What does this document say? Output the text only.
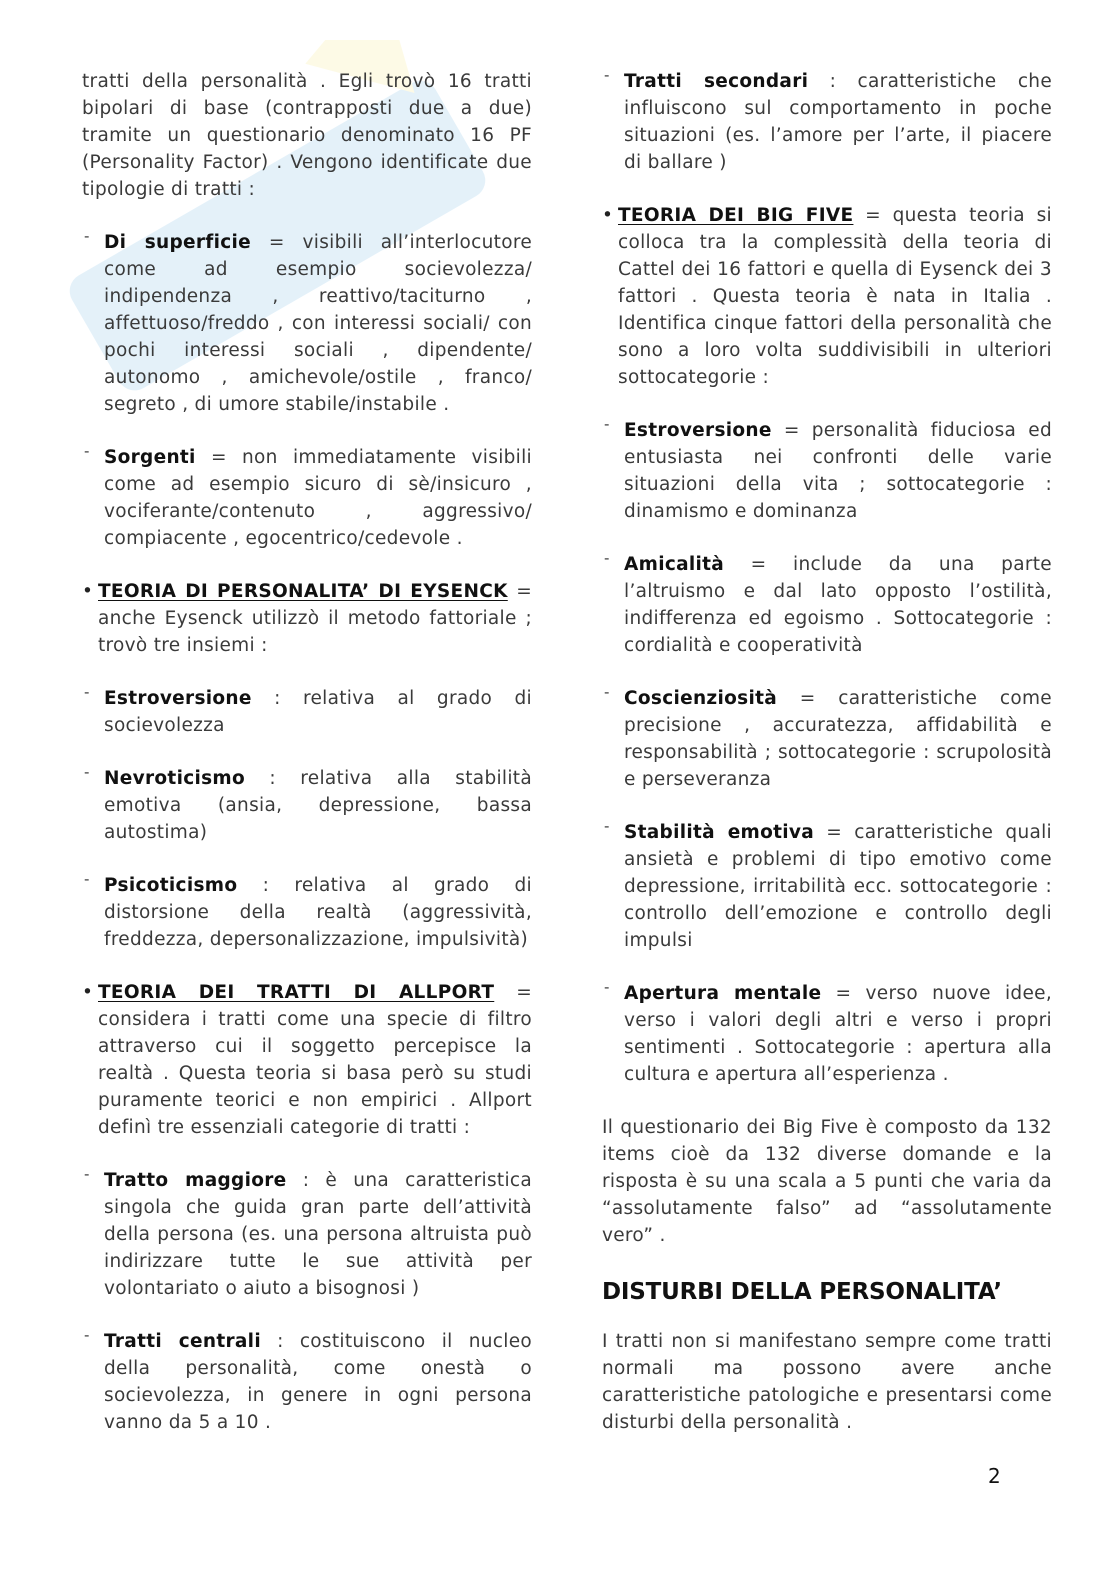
tratti della personalità . Egli trovò 16 tratti bipolari di base (contrapposti due a due) tramite un questionario denominato 16 PF (Personality Factor) . Vengono identificate due tipologie di tratti :

- Di superficie = visibili all’interlocutore come ad esempio socievolezza/ indipendenza , reattivo/taciturno , affettuoso/freddo , con interessi sociali/ con pochi interessi sociali , dipendente/ autonomo , amichevole/ostile , franco/ segreto , di umore stabile/instabile .

- Sorgenti = non immediatamente visibili come ad esempio sicuro di sè/insicuro , vociferante/contenuto , aggressivo/ compiacente , egocentrico/cedevole .

• TEORIA DI PERSONALITA’ DI EYSENCK = anche Eysenck utilizzò il metodo fattoriale ; trovò tre insiemi :

- Estroversione : relativa al grado di socievolezza

- Nevroticismo : relativa alla stabilità emotiva (ansia, depressione, bassa autostima)

- Psicoticismo : relativa al grado di distorsione della realtà (aggressività, freddezza, depersonalizzazione, impulsività)

• TEORIA DEI TRATTI DI ALLPORT = considera i tratti come una specie di filtro attraverso cui il soggetto percepisce la realtà . Questa teoria si basa però su studi puramente teorici e non empirici . Allport definì tre essenziali categorie di tratti :

- Tratto maggiore : è una caratteristica singola che guida gran parte dell’attività della persona (es. una persona altruista può indirizzare tutte le sue attività per volontariato o aiuto a bisognosi )

- Tratti centrali : costituiscono il nucleo della personalità, come onestà o socievolezza, in genere in ogni persona vanno da 5 a 10 .

- Tratti secondari : caratteristiche che influiscono sul comportamento in poche situazioni (es. l’amore per l’arte, il piacere di ballare )

• TEORIA DEI BIG FIVE = questa teoria si colloca tra la complessità della teoria di Cattel dei 16 fattori e quella di Eysenck dei 3 fattori . Questa teoria è nata in Italia . Identifica cinque fattori della personalità che sono a loro volta suddivisibili in ulteriori sottocategorie :

- Estroversione = personalità fiduciosa ed entusiasta nei confronti delle varie situazioni della vita ; sottocategorie : dinamismo e dominanza

- Amicalità = include da una parte l’altruismo e dal lato opposto l’ostilità, indifferenza ed egoismo . Sottocategorie : cordialità e cooperatività

- Coscienziosità = caratteristiche come precisione , accuratezza, affidabilità e responsabilità ; sottocategorie : scrupolosità e perseveranza

- Stabilità emotiva = caratteristiche quali ansietà e problemi di tipo emotivo come depressione, irritabilità ecc. sottocategorie : controllo dell’emozione e controllo degli impulsi

- Apertura mentale = verso nuove idee, verso i valori degli altri e verso i propri sentimenti . Sottocategorie : apertura alla cultura e apertura all’esperienza .

Il questionario dei Big Five è composto da 132 items cioè da 132 diverse domande e la risposta è su una scala a 5 punti che varia da “assolutamente falso” ad “assolutamente vero” .

DISTURBI DELLA PERSONALITA’

I tratti non si manifestano sempre come tratti normali ma possono avere anche caratteristiche patologiche e presentarsi come disturbi della personalità .

2
